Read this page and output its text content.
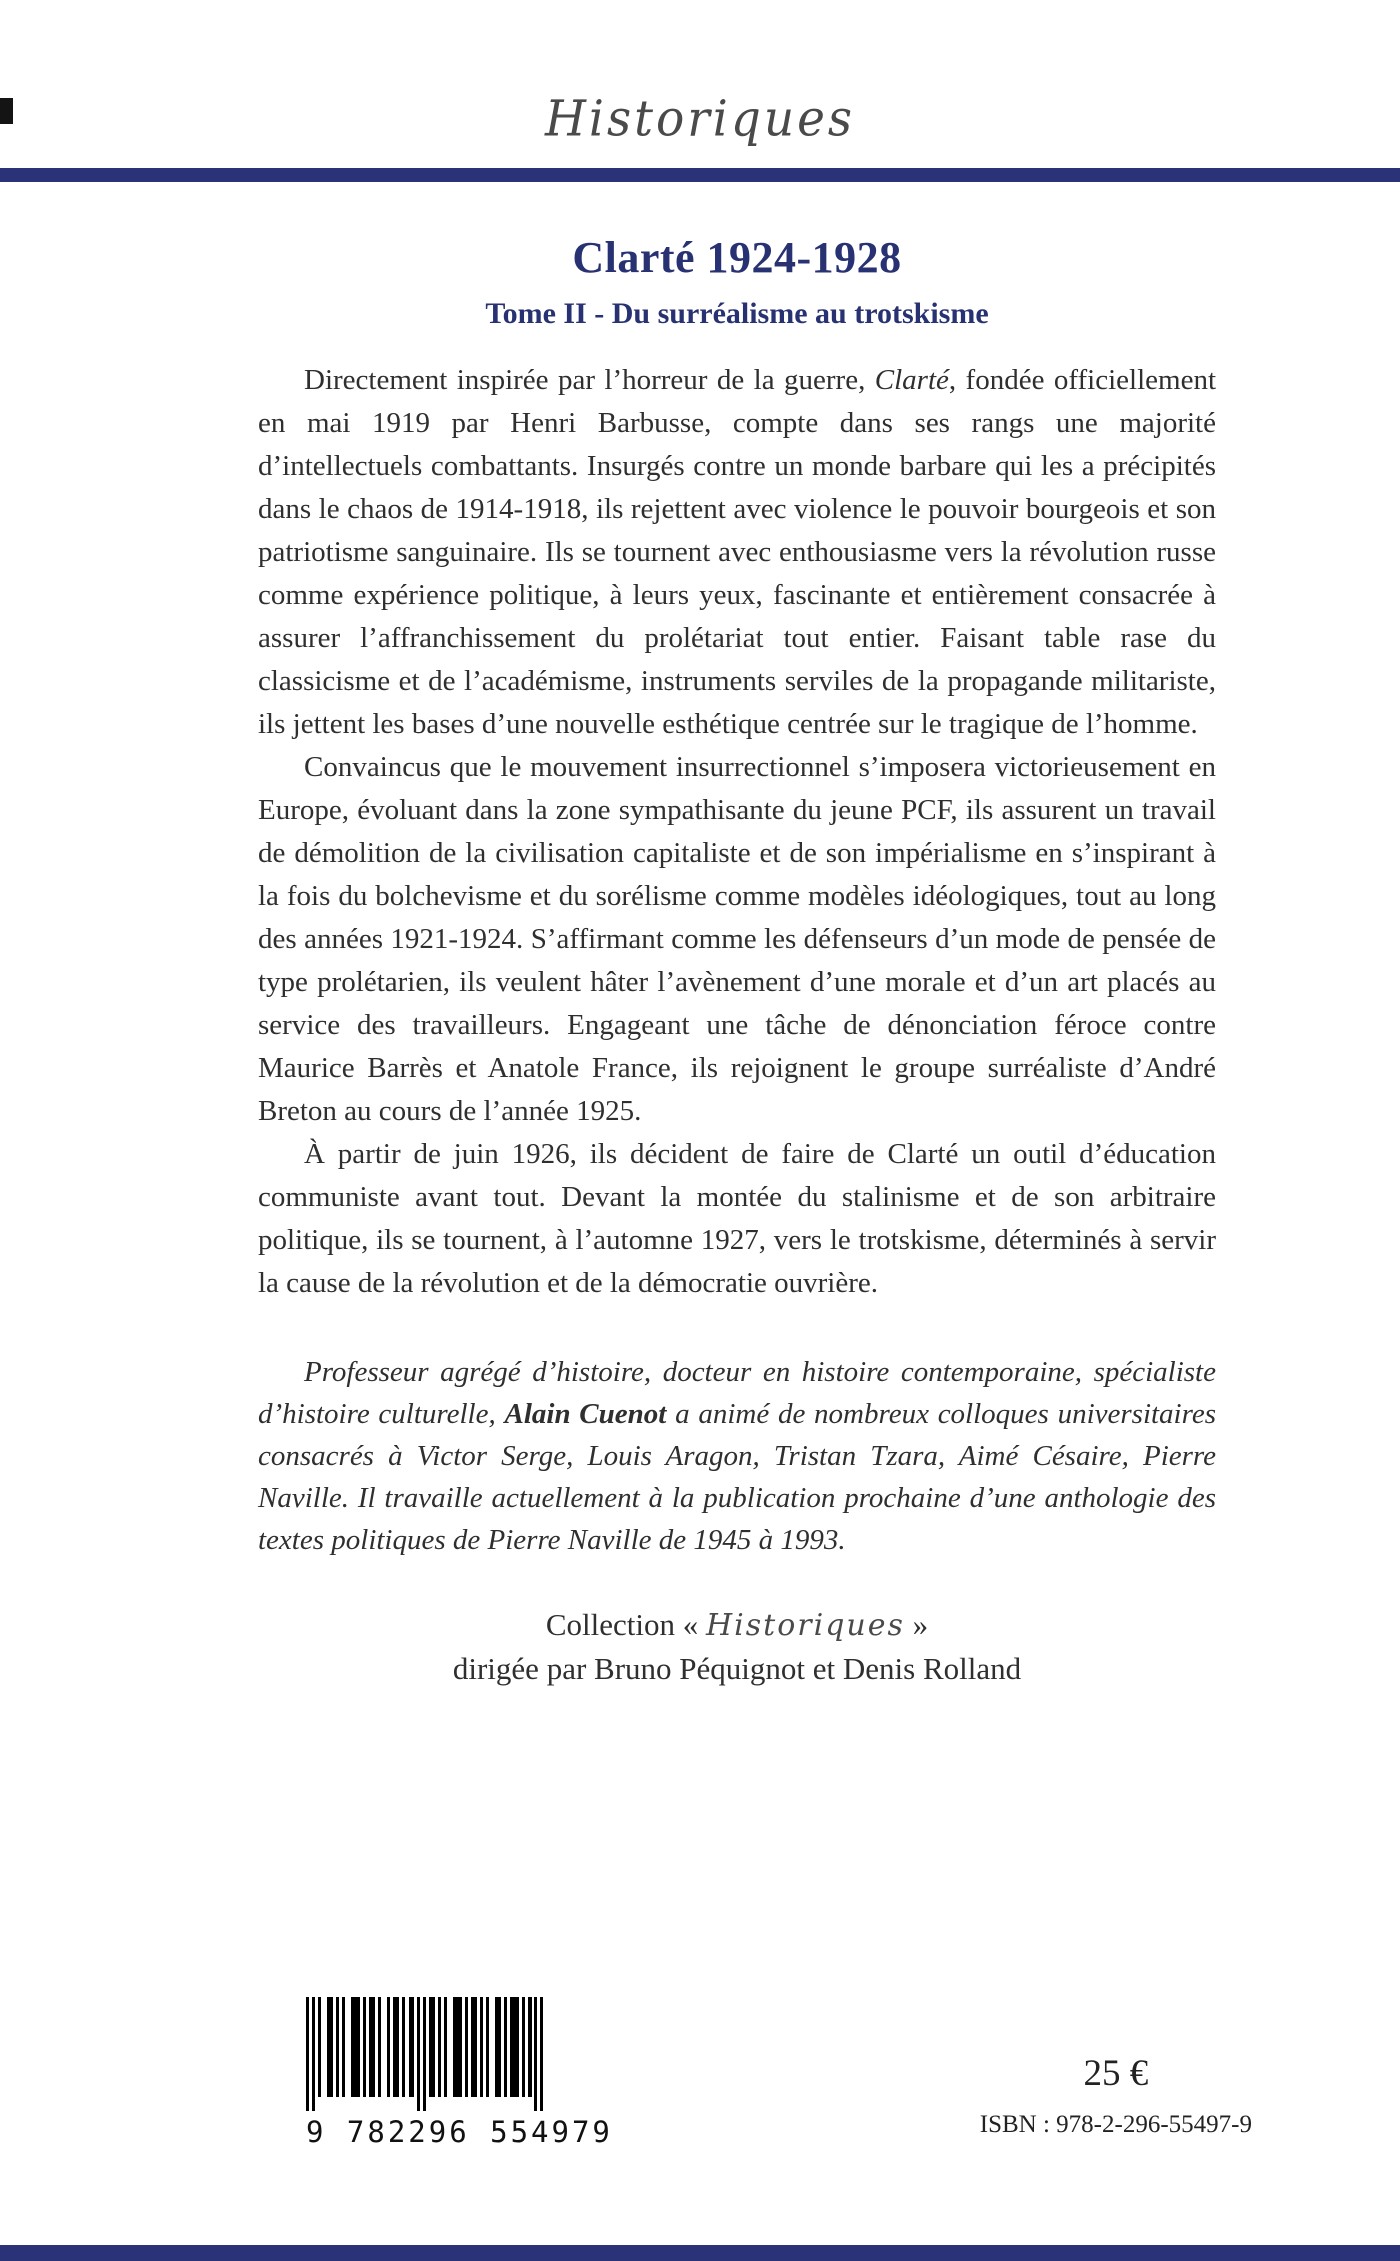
Historiques
Clarté 1924-1928
Tome II - Du surréalisme au trotskisme

Directement inspirée par l’horreur de la guerre, Clarté, fondée officiellement en mai 1919 par Henri Barbusse, compte dans ses rangs une majorité d’intellectuels combattants. Insurgés contre un monde barbare qui les a précipités dans le chaos de 1914-1918, ils rejettent avec violence le pouvoir bourgeois et son patriotisme sanguinaire. Ils se tournent avec enthousiasme vers la révolution russe comme expérience politique, à leurs yeux, fascinante et entièrement consacrée à assurer l’affranchissement du prolétariat tout entier. Faisant table rase du classicisme et de l’académisme, instruments serviles de la propagande militariste, ils jettent les bases d’une nouvelle esthétique centrée sur le tragique de l’homme.

Convaincus que le mouvement insurrectionnel s’imposera victorieusement en Europe, évoluant dans la zone sympathisante du jeune PCF, ils assurent un travail de démolition de la civilisation capitaliste et de son impérialisme en s’inspirant à la fois du bolchevisme et du sorélisme comme modèles idéologiques, tout au long des années 1921-1924. S’affirmant comme les défenseurs d’un mode de pensée de type prolétarien, ils veulent hâter l’avènement d’une morale et d’un art placés au service des travailleurs. Engageant une tâche de dénonciation féroce contre Maurice Barrès et Anatole France, ils rejoignent le groupe surréaliste d’André Breton au cours de l’année 1925.

À partir de juin 1926, ils décident de faire de Clarté un outil d’éducation communiste avant tout. Devant la montée du stalinisme et de son arbitraire politique, ils se tournent, à l’automne 1927, vers le trotskisme, déterminés à servir la cause de la révolution et de la démocratie ouvrière.

Professeur agrégé d’histoire, docteur en histoire contemporaine, spécialiste d’histoire culturelle, Alain Cuenot a animé de nombreux colloques universitaires consacrés à Victor Serge, Louis Aragon, Tristan Tzara, Aimé Césaire, Pierre Naville. Il travaille actuellement à la publication prochaine d’une anthologie des textes politiques de Pierre Naville de 1945 à 1993.

Collection « Historiques »
dirigée par Bruno Péquignot et Denis Rolland
9 782296 554979
25 €
ISBN : 978-2-296-55497-9
